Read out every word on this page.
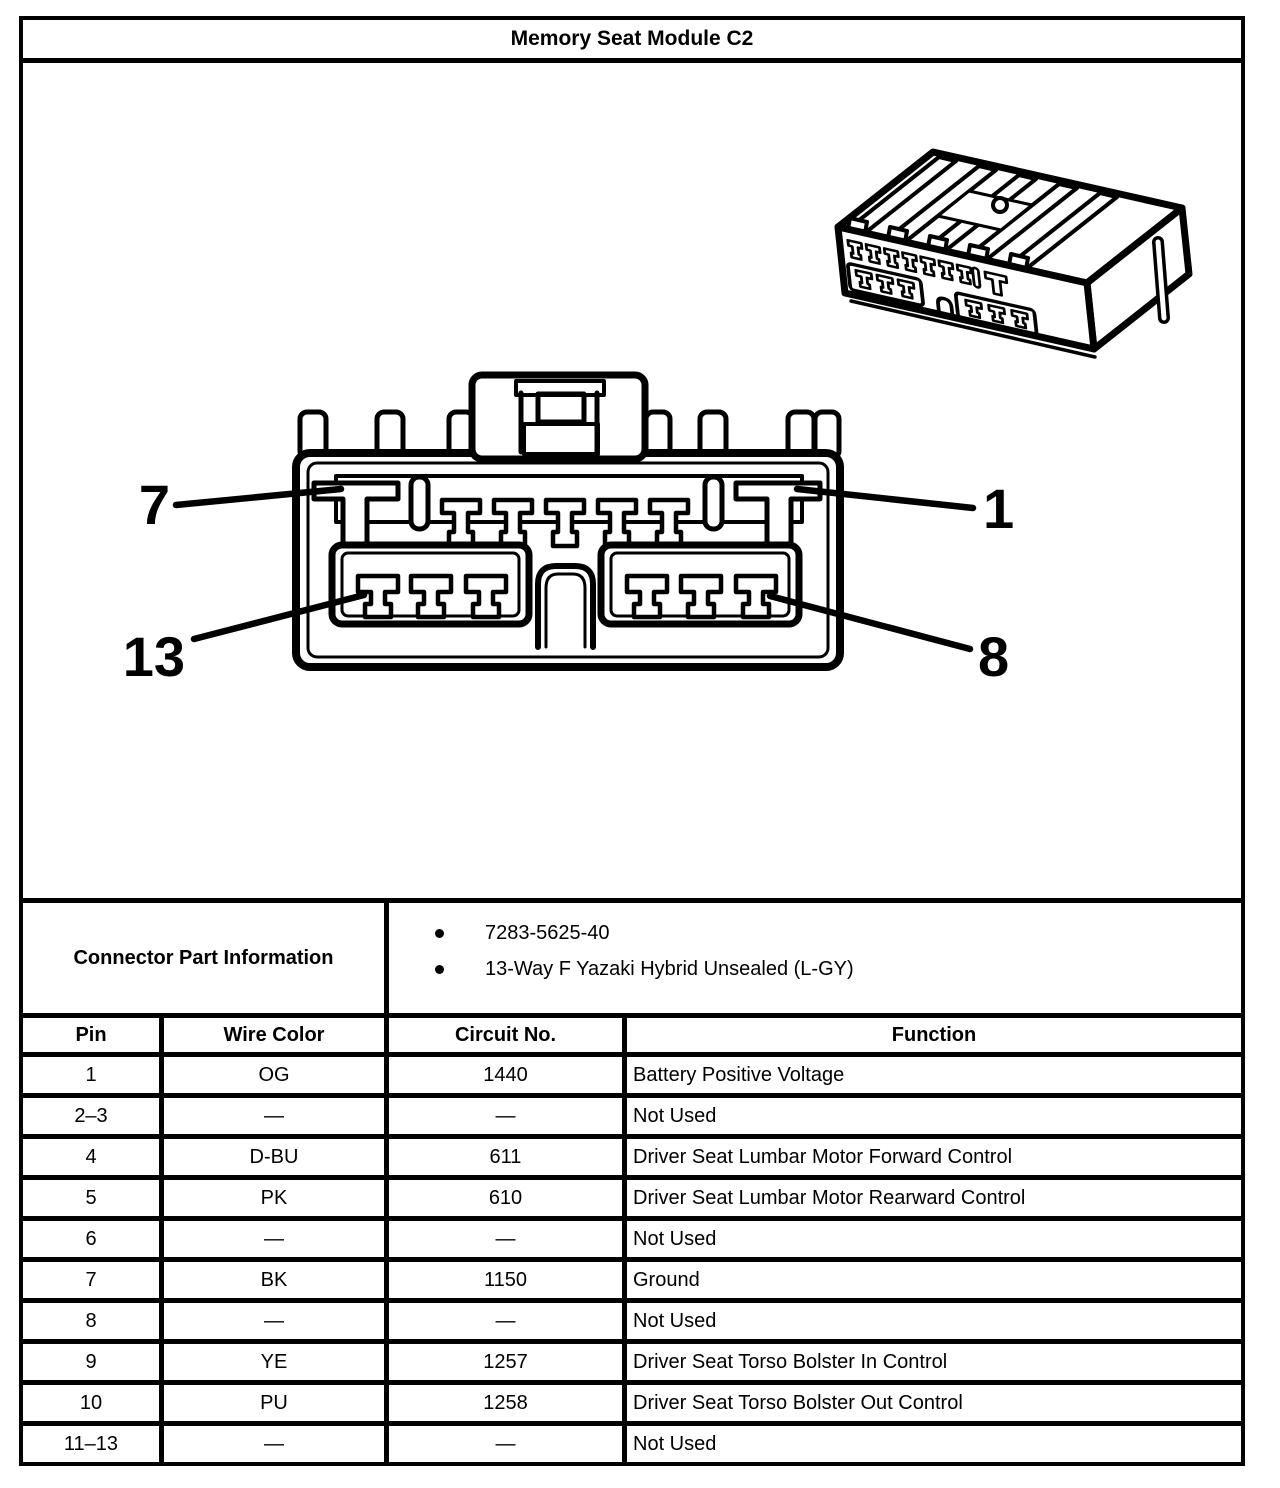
Memory Seat Module C2
7	1
13	8
Connector Part Information
7283-5625-40
13-Way F Yazaki Hybrid Unsealed (L-GY)
Pin	Wire Color	Circuit No.	Function
1	OG	1440	Battery Positive Voltage
2–3	—	—	Not Used
4	D-BU	611	Driver Seat Lumbar Motor Forward Control
5	PK	610	Driver Seat Lumbar Motor Rearward Control
6	—	—	Not Used
7	BK	1150	Ground
8	—	—	Not Used
9	YE	1257	Driver Seat Torso Bolster In Control
10	PU	1258	Driver Seat Torso Bolster Out Control
11–13	—	—	Not Used
